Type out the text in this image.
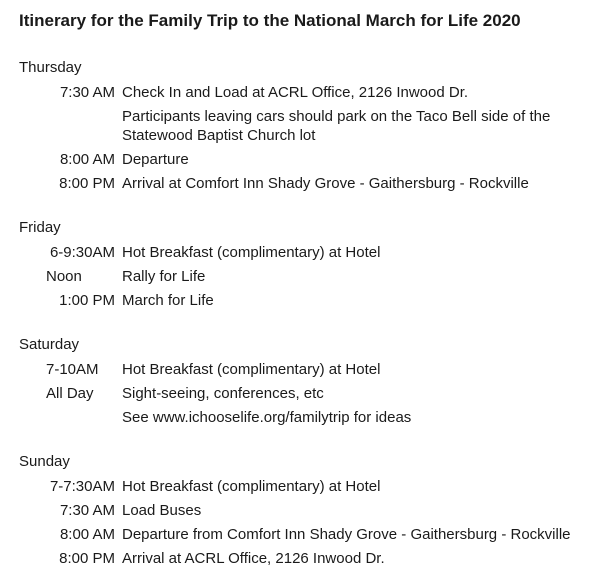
Itinerary for the Family Trip to the National March for Life 2020
Thursday
7:30 AM Check In and Load at ACRL Office, 2126 Inwood Dr.
Participants leaving cars should park on the Taco Bell side of the Statewood Baptist Church lot
8:00 AM Departure
8:00 PM Arrival at Comfort Inn Shady Grove - Gaithersburg - Rockville
Friday
6-9:30AM Hot Breakfast (complimentary) at Hotel
Noon	Rally for Life
1:00 PM March for Life
Saturday
7-10AM	Hot Breakfast (complimentary) at Hotel
All Day	Sight-seeing, conferences, etc
See www.ichooselife.org/familytrip for ideas
Sunday
7-7:30AM Hot Breakfast (complimentary) at Hotel
7:30 AM Load Buses
8:00 AM Departure from Comfort Inn Shady Grove - Gaithersburg - Rockville
8:00 PM Arrival at ACRL Office, 2126 Inwood Dr.
